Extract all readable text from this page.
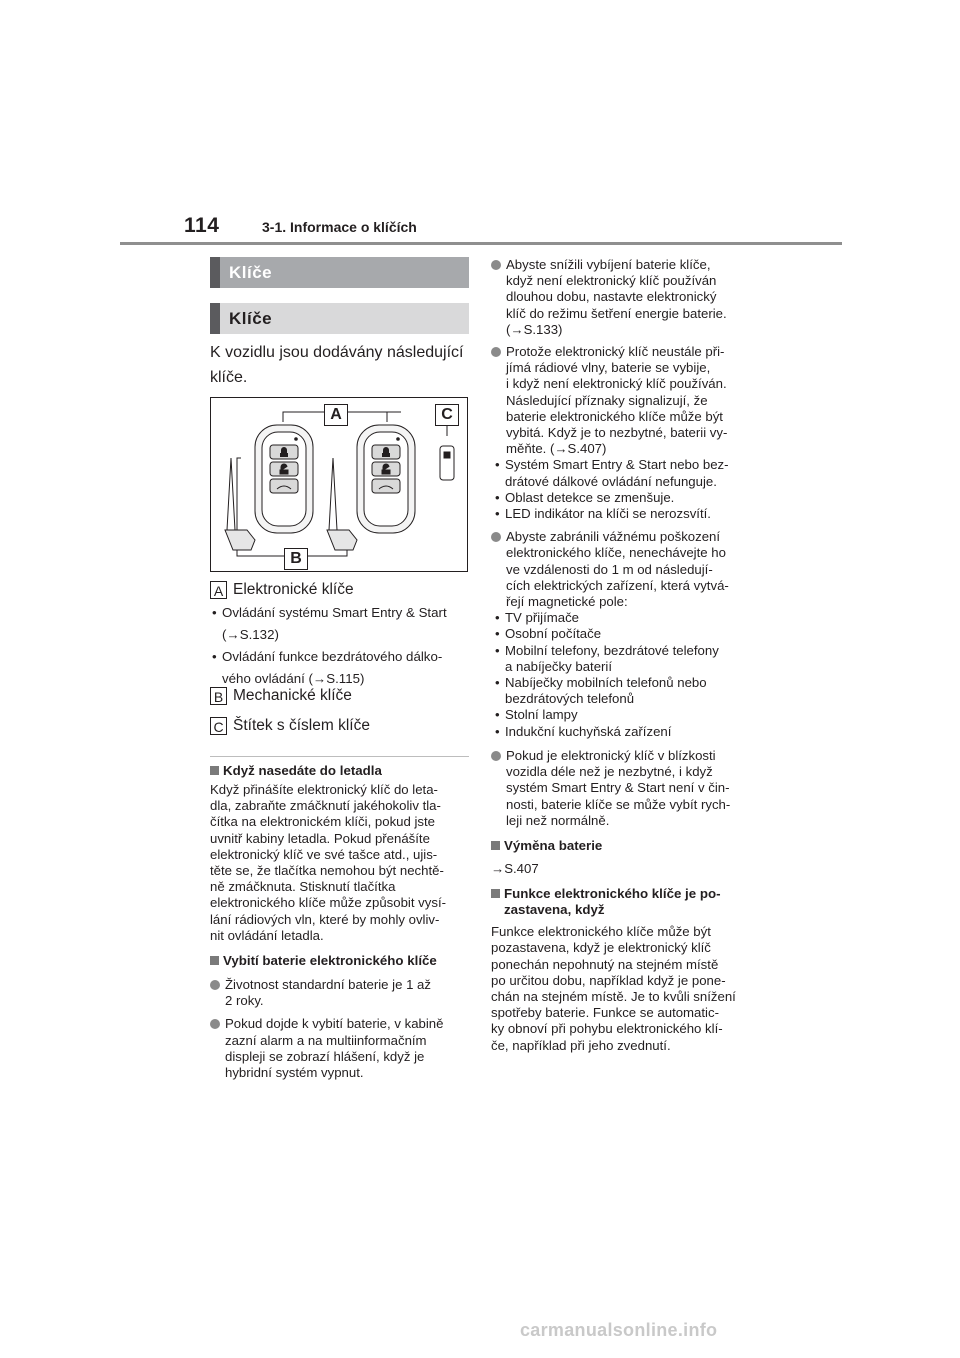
114	3-1. Informace o klíčích
Klíče
Klíče
K vozidlu jsou dodávány následující klíče.
A
B
C
A Elektronické klíče
• Ovládání systému Smart Entry & Start
(→S.132)
• Ovládání funkce bezdrátového dálko-
vého ovládání (→S.115)
B Mechanické klíče
C Štítek s číslem klíče
Když nasedáte do letadla
Když přinášíte elektronický klíč do leta-
dla, zabraňte zmáčknutí jakéhokoliv tla-
čítka na elektronickém klíči, pokud jste
uvnitř kabiny letadla. Pokud přenášíte
elektronický klíč ve své tašce atd., ujis-
těte se, že tlačítka nemohou být nechtě-
ně zmáčknuta. Stisknutí tlačítka
elektronického klíče může způsobit vysí-
lání rádiových vln, které by mohly ovliv-
nit ovládání letadla.
Vybití baterie elektronického klíče
Životnost standardní baterie je 1 až
2 roky.
Pokud dojde k vybití baterie, v kabině
zazní alarm a na multiinformačním
displeji se zobrazí hlášení, když je
hybridní systém vypnut.
Abyste snížili vybíjení baterie klíče,
když není elektronický klíč používán
dlouhou dobu, nastavte elektronický
klíč do režimu šetření energie baterie.
(→S.133)
Protože elektronický klíč neustále při-
jímá rádiové vlny, baterie se vybije,
i když není elektronický klíč používán.
Následující příznaky signalizují, že
baterie elektronického klíče může být
vybitá. Když je to nezbytné, baterii vy-
měňte. (→S.407)
• Systém Smart Entry & Start nebo bez-
drátové dálkové ovládání nefunguje.
• Oblast detekce se zmenšuje.
• LED indikátor na klíči se nerozsvítí.
Abyste zabránili vážnému poškození
elektronického klíče, nenechávejte ho
ve vzdálenosti do 1 m od následují-
cích elektrických zařízení, která vytvá-
řejí magnetické pole:
• TV přijímače
• Osobní počítače
• Mobilní telefony, bezdrátové telefony
a nabíječky baterií
• Nabíječky mobilních telefonů nebo
bezdrátových telefonů
• Stolní lampy
• Indukční kuchyňská zařízení
Pokud je elektronický klíč v blízkosti
vozidla déle než je nezbytné, i když
systém Smart Entry & Start není v čin-
nosti, baterie klíče se může vybít rych-
leji než normálně.
Výměna baterie
→S.407
Funkce elektronického klíče je po-
zastavena, když
Funkce elektronického klíče může být
pozastavena, když je elektronický klíč
ponechán nepohnutý na stejném místě
po určitou dobu, například když je pone-
chán na stejném místě. Je to kvůli snížení
spotřeby baterie. Funkce se automatic-
ky obnoví při pohybu elektronického klí-
če, například při jeho zvednutí.
carmanualsonline.info
